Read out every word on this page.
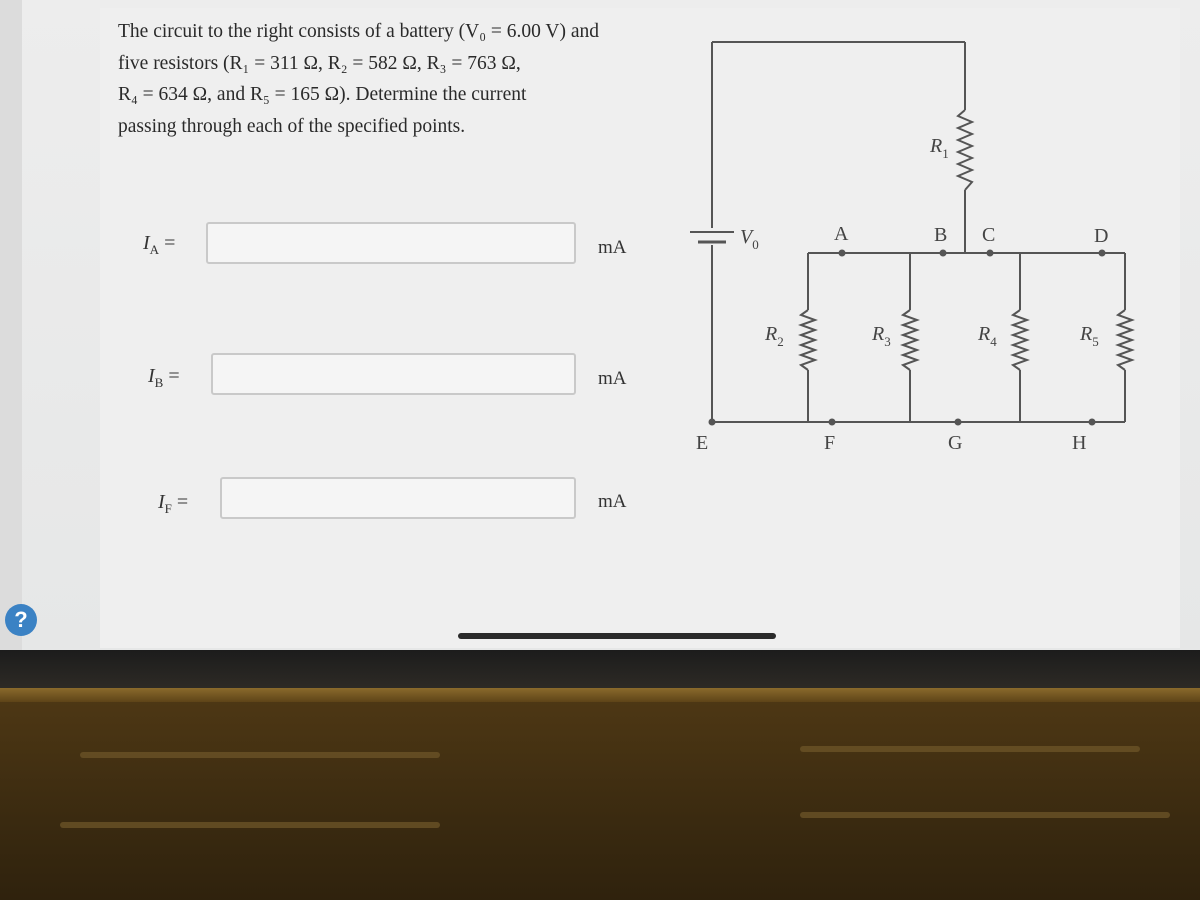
The circuit to the right consists of a battery (V₀ = 6.00 V) and

five resistors (R₁ = 311 Ω, R₂ = 582 Ω, R₃ = 763 Ω,

R₄ = 634 Ω, and R₅ = 165 Ω). Determine the current

passing through each of the specified points.

$I_A$ =	mA
$I_B$ =	mA
$I_F$ =	mA
$V_0$
$R_1$
$R_2$	$R_3$	$R_4$	$R_5$
A	B C	D
E	F	G	H
?
